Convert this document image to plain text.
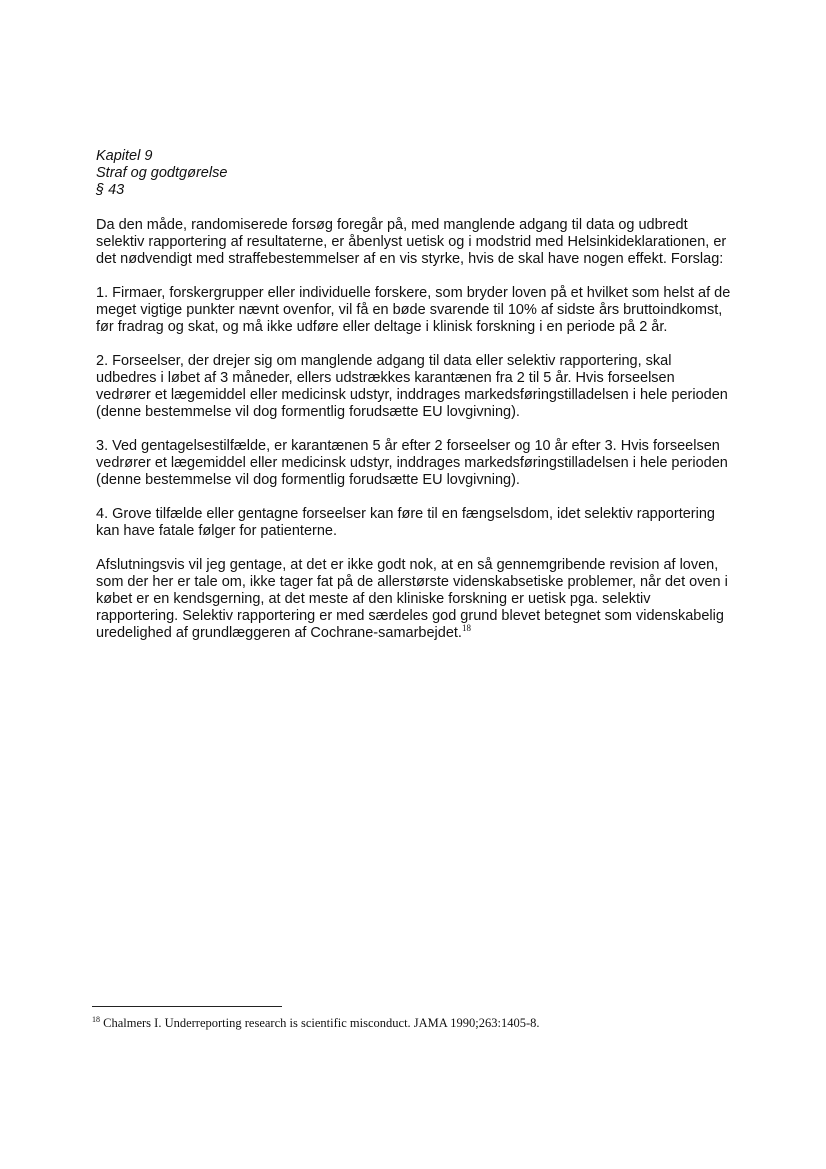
Kapitel 9
Straf og godtgørelse
§ 43

Da den måde, randomiserede forsøg foregår på, med manglende adgang til data og udbredt
selektiv rapportering af resultaterne, er åbenlyst uetisk og i modstrid med Helsinkideklarationen, er
det nødvendigt med straffebestemmelser af en vis styrke, hvis de skal have nogen effekt. Forslag:

1. Firmaer, forskergrupper eller individuelle forskere, som bryder loven på et hvilket som helst af de
meget vigtige punkter nævnt ovenfor, vil få en bøde svarende til 10% af sidste års bruttoindkomst,
før fradrag og skat, og må ikke udføre eller deltage i klinisk forskning i en periode på 2 år.

2. Forseelser, der drejer sig om manglende adgang til data eller selektiv rapportering, skal
udbedres i løbet af 3 måneder, ellers udstrækkes karantænen fra 2 til 5 år. Hvis forseelsen
vedrører et lægemiddel eller medicinsk udstyr, inddrages markedsføringstilladelsen i hele perioden
(denne bestemmelse vil dog formentlig forudsætte EU lovgivning).

3. Ved gentagelsestilfælde, er karantænen 5 år efter 2 forseelser og 10 år efter 3. Hvis forseelsen
vedrører et lægemiddel eller medicinsk udstyr, inddrages markedsføringstilladelsen i hele perioden
(denne bestemmelse vil dog formentlig forudsætte EU lovgivning).

4. Grove tilfælde eller gentagne forseelser kan føre til en fængselsdom, idet selektiv rapportering
kan have fatale følger for patienterne.

Afslutningsvis vil jeg gentage, at det er ikke godt nok, at en så gennemgribende revision af loven,
som der her er tale om, ikke tager fat på de allerstørste videnskabsetiske problemer, når det oven i
købet er en kendsgerning, at det meste af den kliniske forskning er uetisk pga. selektiv
rapportering. Selektiv rapportering er med særdeles god grund blevet betegnet som videnskabelig
uredelighed af grundlæggeren af Cochrane-samarbejdet.$^{18}$

$^{18}$ Chalmers I. Underreporting research is scientific misconduct. JAMA 1990;263:1405-8.
